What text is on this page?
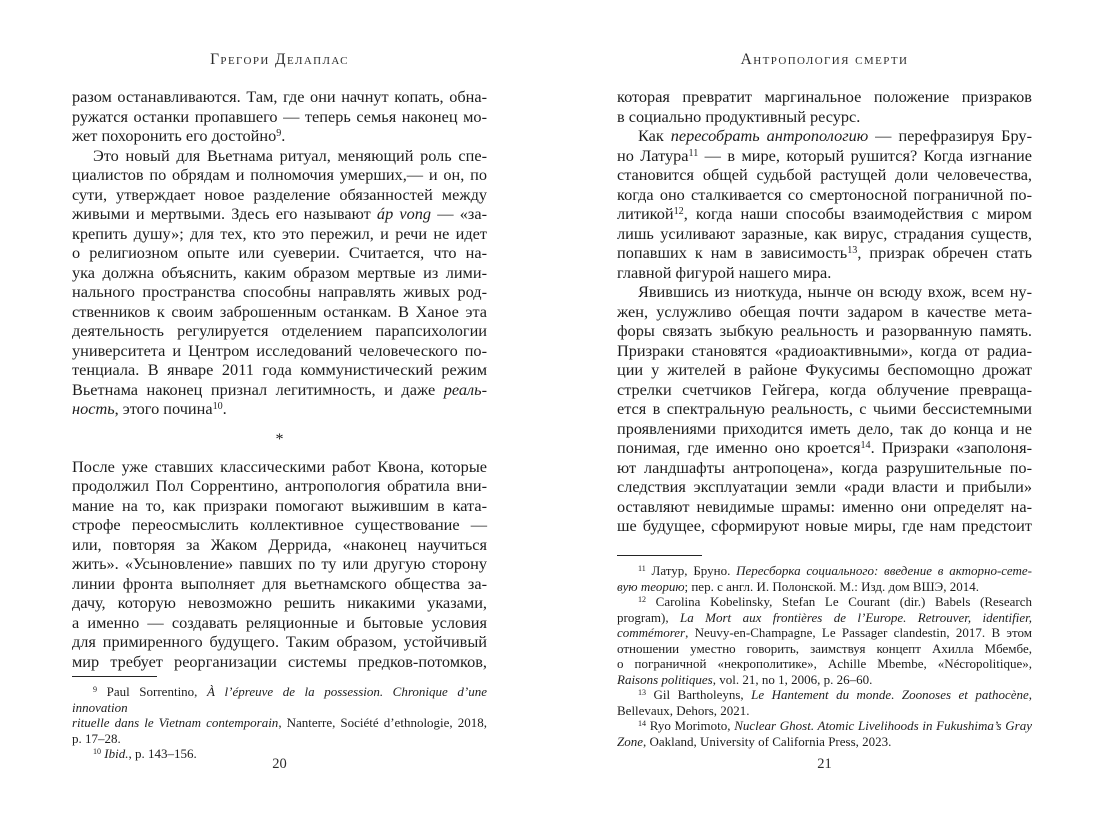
Грегори Делаплас
разом останавливаются. Там, где они начнут копать, обна-
ружатся останки пропавшего — теперь семья наконец мо-
жет похоронить его достойно$^9$.
Это новый для Вьетнама ритуал, меняющий роль спе-
циалистов по обрядам и полномочия умерших,— и он, по
сути, утверждает новое разделение обязанностей между
живыми и мертвыми. Здесь его называют áp vong — «за-
крепить душу»; для тех, кто это пережил, и речи не идет
о религиозном опыте или суеверии. Считается, что на-
ука должна объяснить, каким образом мертвые из лими-
нального пространства способны направлять живых род-
ственников к своим заброшенным останкам. В Ханое эта
деятельность регулируется отделением парапсихологии
университета и Центром исследований человеческого по-
тенциала. В январе 2011 года коммунистический режим
Вьетнама наконец признал легитимность, и даже реаль-
ность, этого почина$^{10}$.
*
После уже ставших классическими работ Квона, которые
продолжил Пол Соррентино, антропология обратила вни-
мание на то, как призраки помогают выжившим в ката-
строфе переосмыслить коллективное существование —
или, повторяя за Жаком Деррида, «наконец научиться
жить». «Усыновление» павших по ту или другую сторону
линии фронта выполняет для вьетнамского общества за-
дачу, которую невозможно решить никакими указами,
а именно — создавать реляционные и бытовые условия
для примиренного будущего. Таким образом, устойчивый
мир требует реорганизации системы предков-потомков,
$^9$ Paul Sorrentino, À l’épreuve de la possession. Chronique d’une innovation
rituelle dans le Vietnam contemporain, Nanterre, Société d’ethnologie, 2018,
p. 17–28.
$^{10}$ Ibid., p. 143–156.
20
Антропология смерти
которая превратит маргинальное положение призраков
в социально продуктивный ресурс.
Как пересобрать антропологию — перефразируя Бру-
но Латура$^{11}$ — в мире, который рушится? Когда изгнание
становится общей судьбой растущей доли человечества,
когда оно сталкивается со смертоносной пограничной по-
литикой$^{12}$, когда наши способы взаимодействия с миром
лишь усиливают заразные, как вирус, страдания существ,
попавших к нам в зависимость$^{13}$, призрак обречен стать
главной фигурой нашего мира.
Явившись из ниоткуда, нынче он всюду вхож, всем ну-
жен, услужливо обещая почти задаром в качестве мета-
форы связать зыбкую реальность и разорванную память.
Призраки становятся «радиоактивными», когда от радиа-
ции у жителей в районе Фукусимы беспомощно дрожат
стрелки счетчиков Гейгера, когда облучение превраща-
ется в спектральную реальность, с чьими бессистемными
проявлениями приходится иметь дело, так до конца и не
понимая, где именно оно кроется$^{14}$. Призраки «заполоня-
ют ландшафты антропоцена», когда разрушительные по-
следствия эксплуатации земли «ради власти и прибыли»
оставляют невидимые шрамы: именно они определят на-
ше будущее, сформируют новые миры, где нам предстоит
$^{11}$ Латур, Бруно. Пересборка социального: введение в акторно-сете-
вую теорию; пер. с англ. И. Полонской. М.: Изд. дом ВШЭ, 2014.
$^{12}$ Carolina Kobelinsky, Stefan Le Courant (dir.) Babels (Research
program), La Mort aux frontières de l’Europe. Retrouver, identifier,
commémorer, Neuvy-en-Champagne, Le Passager clandestin, 2017. В этом
отношении уместно говорить, заимствуя концепт Ахилла Мбембе,
о пограничной «некрополитике», Achille Mbembe, «Nécropolitique»,
Raisons politiques, vol. 21, no 1, 2006, p. 26–60.
$^{13}$ Gil Bartholeyns, Le Hantement du monde. Zoonoses et pathocène,
Bellevaux, Dehors, 2021.
$^{14}$ Ryo Morimoto, Nuclear Ghost. Atomic Livelihoods in Fukushima’s Gray
Zone, Oakland, University of California Press, 2023.
21
